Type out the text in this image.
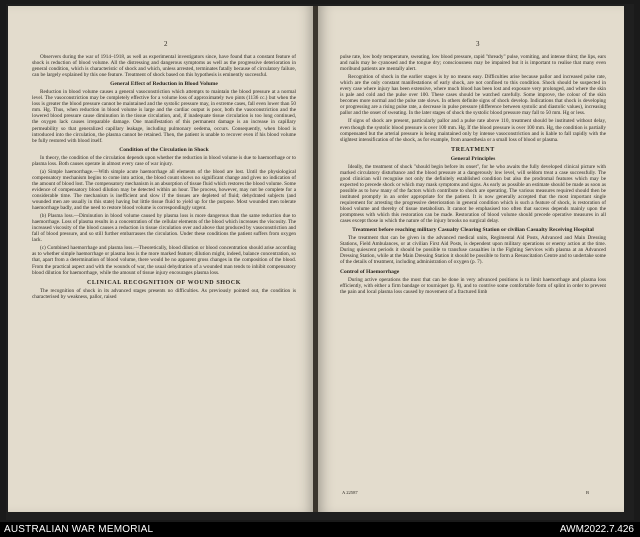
2

Observers during the war of 1914–1918, as well as experimental investigators since, have found that a constant feature of shock is reduction of blood volume. All the distressing and dangerous symptoms as well as the progressive deterioration in general condition, which is characteristic of shock and which, unless arrested, terminates fatally because of circulatory failure, can be largely explained by this one feature. Treatment of shock based on this hypothesis is eminently successful.

General Effect of Reduction in Blood Volume

Reduction in blood volume causes a general vasoconstriction which attempts to maintain the blood pressure at a normal level. The vasoconstriction may be completely effective for a volume loss of approximately two pints (1136 cc.) but when the loss is greater the blood pressure cannot be maintained and the systolic pressure may, in extreme cases, fall even lower than 50 mm. Hg. Thus, when reduction in blood volume is large and the cardiac output is poor, both the vasoconstriction and the lowered blood pressure cause diminution in the tissue circulation, and, if inadequate tissue circulation is too long continued, the oxygen lack causes irreparable damage. One manifestation of this permanent damage is an increase in capillary permeability so that generalized capillary leakage, including pulmonary oedema, occurs. Consequently, when blood is introduced into the circulation, the plasma cannot be retained. Then, the patient is unable to recover even if his blood volume be fully restored with blood itself.

Condition of the Circulation in Shock

In theory, the condition of the circulation depends upon whether the reduction in blood volume is due to haemorrhage or to plasma loss. Both causes operate in almost every case of war injury.

(a) Simple haemorrhage.—With simple acute haemorrhage all elements of the blood are lost. Until the physiological compensatory mechanism begins to come into action, the blood count shows no significant change and gives no indication of the amount of blood lost. The compensatory mechanism is an absorption of tissue fluid which restores the blood volume. Some evidence of compensatory blood dilution may be detected within an hour. The process, however, may not be complete for a considerable time. The mechanism is inefficient and slow if the tissues are depleted of fluid; dehydrated subjects (and wounded men are usually in this state) having but little tissue fluid to yield up for the purpose. Most wounded men tolerate haemorrhage badly, and the need to restore blood volume is correspondingly urgent.

(b) Plasma loss.—Diminution in blood volume caused by plasma loss is more dangerous than the same reduction due to haemorrhage. Loss of plasma results in a concentration of the cellular elements of the blood which increases the viscosity. The increased viscosity of the blood causes a reduction in tissue circulation over and above that produced by vasoconstriction and fall of blood pressure, and so still further embarrasses the circulation. Under these conditions the patient suffers from oxygen lack.

(c) Combined haemorrhage and plasma loss.—Theoretically, blood dilution or blood concentration should arise according as to whether simple haemorrhage or plasma loss is the more marked feature; dilution might, indeed, balance concentration, so that, apart from a determination of blood volume, there would be no apparent gross changes in the composition of the blood. From the practical aspect and with the wounds of war, the usual dehydration of a wounded man tends to inhibit compensatory blood dilution for haemorrhage, while the amount of tissue injury encourages plasma loss.

CLINICAL RECOGNITION OF WOUND SHOCK

The recognition of shock in its advanced stages presents no difficulties. As previously pointed out, the condition is characterised by weakness, pallor, raised

3

pulse rate, low body temperature, sweating, low blood pressure, rapid "thready" pulse, vomiting, and intense thirst; the lips, ears and nails may be cyanosed and the tongue dry; consciousness may be impaired but it is important to realise that many even moribund patients are mentally alert.

Recognition of shock in the earlier stages is by no means easy. Difficulties arise because pallor and increased pulse rate, which are the only constant manifestations of early shock, are not confined to this condition. Shock should be suspected in every case where injury has been extensive, where much blood has been lost and exposure very prolonged, and where the skin is pale and cold and the pulse over 100. These cases should be watched carefully. Some improve, the colour of the skin becomes more normal and the pulse rate slows. In others definite signs of shock develop. Indications that shock is developing or progressing are a rising pulse rate, a decrease in pulse pressure (difference between systolic and diastolic values), increasing pallor and the onset of sweating. In the later stages of shock the systolic blood pressure may fall to 50 mm. Hg or less.

If signs of shock are present, particularly pallor and a pulse rate above 110, treatment should be instituted without delay, even though the systolic blood pressure is over 100 mm. Hg. If the blood pressure is over 100 mm. Hg, the condition is partially compensated but the arterial pressure is being maintained only by intense vasoconstriction and is liable to fall rapidly with the slightest intensification of the shock, as for example, from anaesthesia or a small loss of blood or plasma.

TREATMENT
General Principles

Ideally, the treatment of shock "should begin before its onset", for he who awaits the fully developed clinical picture with marked circulatory disturbance and the blood pressure at a dangerously low level, will seldom treat a case successfully. The good clinician will recognise not only the definitely established condition but also the prodromal features which may be expected to precede shock or which may mask symptoms and signs. As early as possible an estimate should be made as soon as possible as to how many of the factors which contribute to shock are operating. The various measures required should then be instituted promptly in an order appropriate for the patient. It is now generally accepted that the most important single requirement for arresting the progressive deterioration in general condition which is such a feature of shock, is restoration of blood volume and thereby of tissue metabolism. It cannot be emphasised too often that success depends mainly upon the promptness with which this restoration can be made. Restoration of blood volume should precede operative measures in all cases except those in which the nature of the injury brooks no surgical delay.

Treatment before reaching military Casualty Clearing Station or civilian Casualty Receiving Hospital

The treatment that can be given in the advanced medical units, Regimental Aid Posts, Advanced and Main Dressing Stations, Field Ambulances, or at civilian First Aid Posts, is dependent upon military operations or enemy action at the time. During quiescent periods it should be possible to transfuse casualties in the Fighting Services with plasma at an Advanced Dressing Station, while at the Main Dressing Station it should be possible to form a Resuscitation Centre and to undertake some of the details of treatment, including administration of oxygen (p. 7).

Control of Haemorrhage

During active operations the most that can be done in very advanced positions is to limit haemorrhage and plasma loss efficiently, with either a firm bandage or tourniquet (p. 8), and to contrive some comfortable form of splint in order to prevent the pain and local plasma loss caused by movement of a fractured limb

A 22587	B
AUSTRALIAN WAR MEMORIAL	AWM2022.7.426
